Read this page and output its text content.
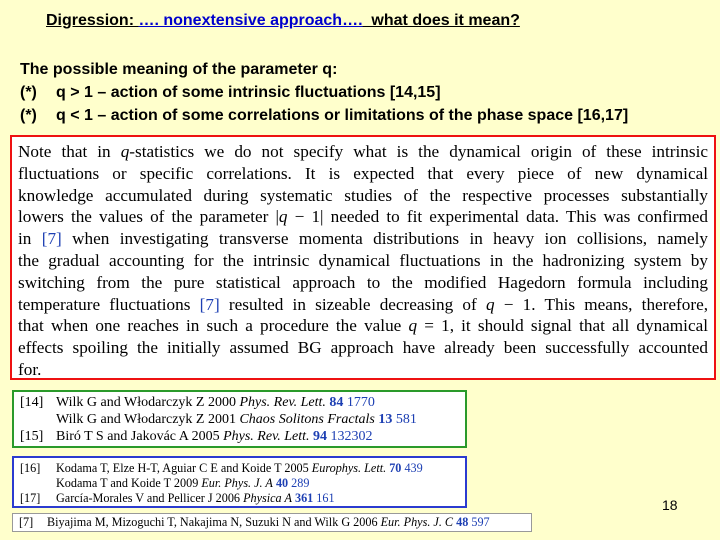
Digression: …. nonextensive approach….  what does it mean?
The possible meaning of the parameter q:
(*) q > 1 – action of some intrinsic fluctuations [14,15]
(*) q < 1 – action of some correlations or limitations of the phase space [16,17]
Note that in q-statistics we do not specify what is the dynamical origin of these intrinsic
fluctuations or specific correlations. It is expected that every piece of new dynamical
knowledge accumulated during systematic studies of the respective processes substantially
lowers the values of the parameter |q − 1| needed to fit experimental data. This was confirmed
in [7] when investigating transverse momenta distributions in heavy ion collisions, namely
the gradual accounting for the intrinsic dynamical fluctuations in the hadronizing system by
switching from the pure statistical approach to the modified Hagedorn formula including
temperature fluctuations [7] resulted in sizeable decreasing of q − 1. This means, therefore,
that when one reaches in such a procedure the value q = 1, it should signal that all dynamical
effects spoiling the initially assumed BG approach have already been successfully accounted
for.
[14] Wilk G and Włodarczyk Z 2000 Phys. Rev. Lett. 84 1770
Wilk G and Włodarczyk Z 2001 Chaos Solitons Fractals 13 581
[15] Biró T S and Jakovác A 2005 Phys. Rev. Lett. 94 132302
[16] Kodama T, Elze H-T, Aguiar C E and Koide T 2005 Europhys. Lett. 70 439
Kodama T and Koide T 2009 Eur. Phys. J. A 40 289
[17] García-Morales V and Pellicer J 2006 Physica A 361 161
[7] Biyajima M, Mizoguchi T, Nakajima N, Suzuki N and Wilk G 2006 Eur. Phys. J. C 48 597
18
